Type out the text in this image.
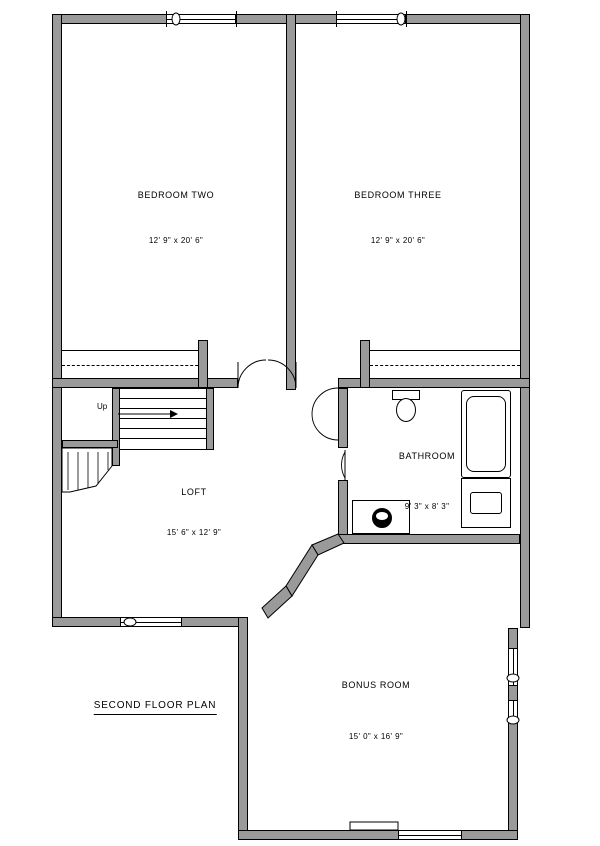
BEDROOM TWO
12' 9" x 20' 6"
BEDROOM THREE
12' 9" x 20' 6"
LOFT
15' 6" x 12' 9"
BATHROOM
9' 3" x 8' 3"
BONUS ROOM
15' 0" x 16' 9"
Up
SECOND FLOOR PLAN
